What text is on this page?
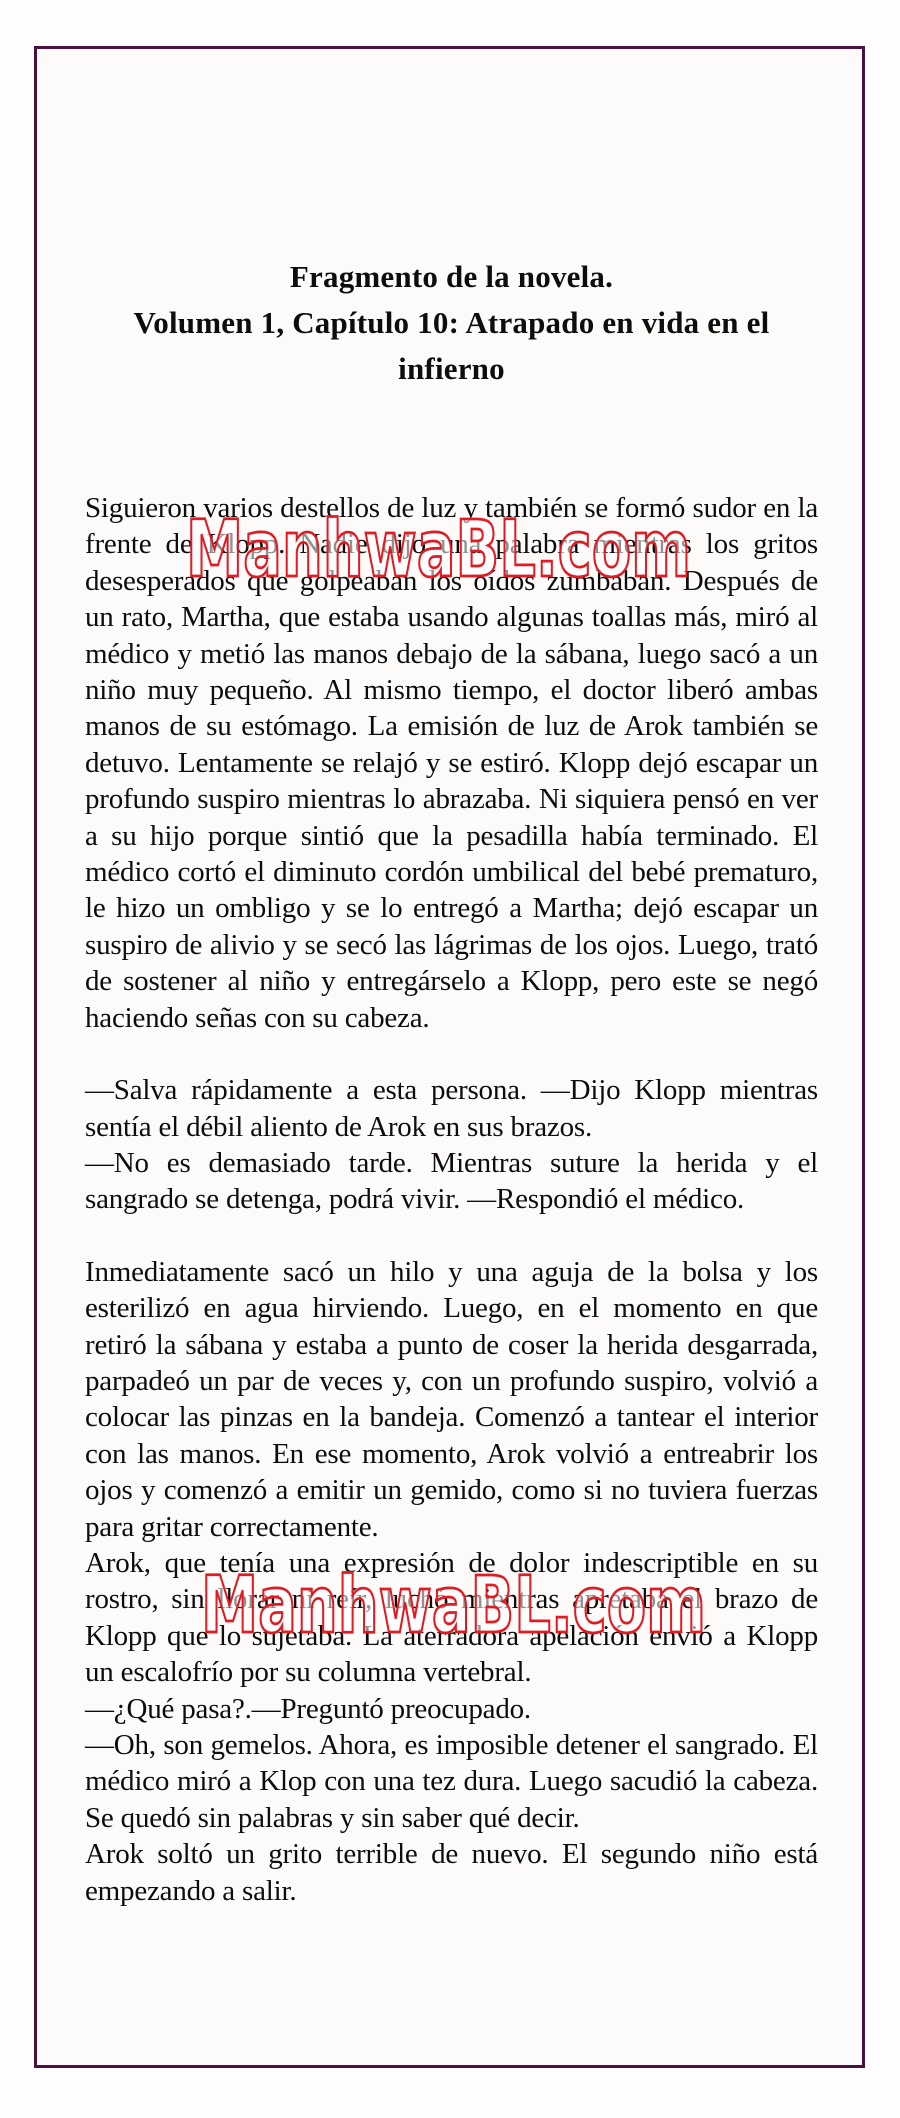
Fragmento de la novela.
Volumen 1, Capítulo 10: Atrapado en vida en el infierno

Siguieron varios destellos de luz y también se formó sudor en la frente de Klopp. Nadie dijo una palabra mientras los gritos desesperados que golpeaban los oídos zumbaban. Después de un rato, Martha, que estaba usando algunas toallas más, miró al médico y metió las manos debajo de la sábana, luego sacó a un niño muy pequeño. Al mismo tiempo, el doctor liberó ambas manos de su estómago. La emisión de luz de Arok también se detuvo. Lentamente se relajó y se estiró. Klopp dejó escapar un profundo suspiro mientras lo abrazaba. Ni siquiera pensó en ver a su hijo porque sintió que la pesadilla había terminado. El médico cortó el diminuto cordón umbilical del bebé prematuro, le hizo un ombligo y se lo entregó a Martha; dejó escapar un suspiro de alivio y se secó las lágrimas de los ojos. Luego, trató de sostener al niño y entregárselo a Klopp, pero este se negó haciendo señas con su cabeza.

—Salva rápidamente a esta persona. —Dijo Klopp mientras sentía el débil aliento de Arok en sus brazos.

—No es demasiado tarde. Mientras suture la herida y el sangrado se detenga, podrá vivir. —Respondió el médico.

Inmediatamente sacó un hilo y una aguja de la bolsa y los esterilizó en agua hirviendo. Luego, en el momento en que retiró la sábana y estaba a punto de coser la herida desgarrada, parpadeó un par de veces y, con un profundo suspiro, volvió a colocar las pinzas en la bandeja. Comenzó a tantear el interior con las manos. En ese momento, Arok volvió a entreabrir los ojos y comenzó a emitir un gemido, como si no tuviera fuerzas para gritar correctamente.

Arok, que tenía una expresión de dolor indescriptible en su rostro, sin llorar ni reír, luchó mientras apretaba el brazo de Klopp que lo sujetaba. La aterradora apelación envió a Klopp un escalofrío por su columna vertebral.

—¿Qué pasa?.—Preguntó preocupado.

—Oh, son gemelos. Ahora, es imposible detener el sangrado. El médico miró a Klop con una tez dura. Luego sacudió la cabeza. Se quedó sin palabras y sin saber qué decir.

Arok soltó un grito terrible de nuevo. El segundo niño está empezando a salir.

ManhwaBL.com
ManhwaBL.com
